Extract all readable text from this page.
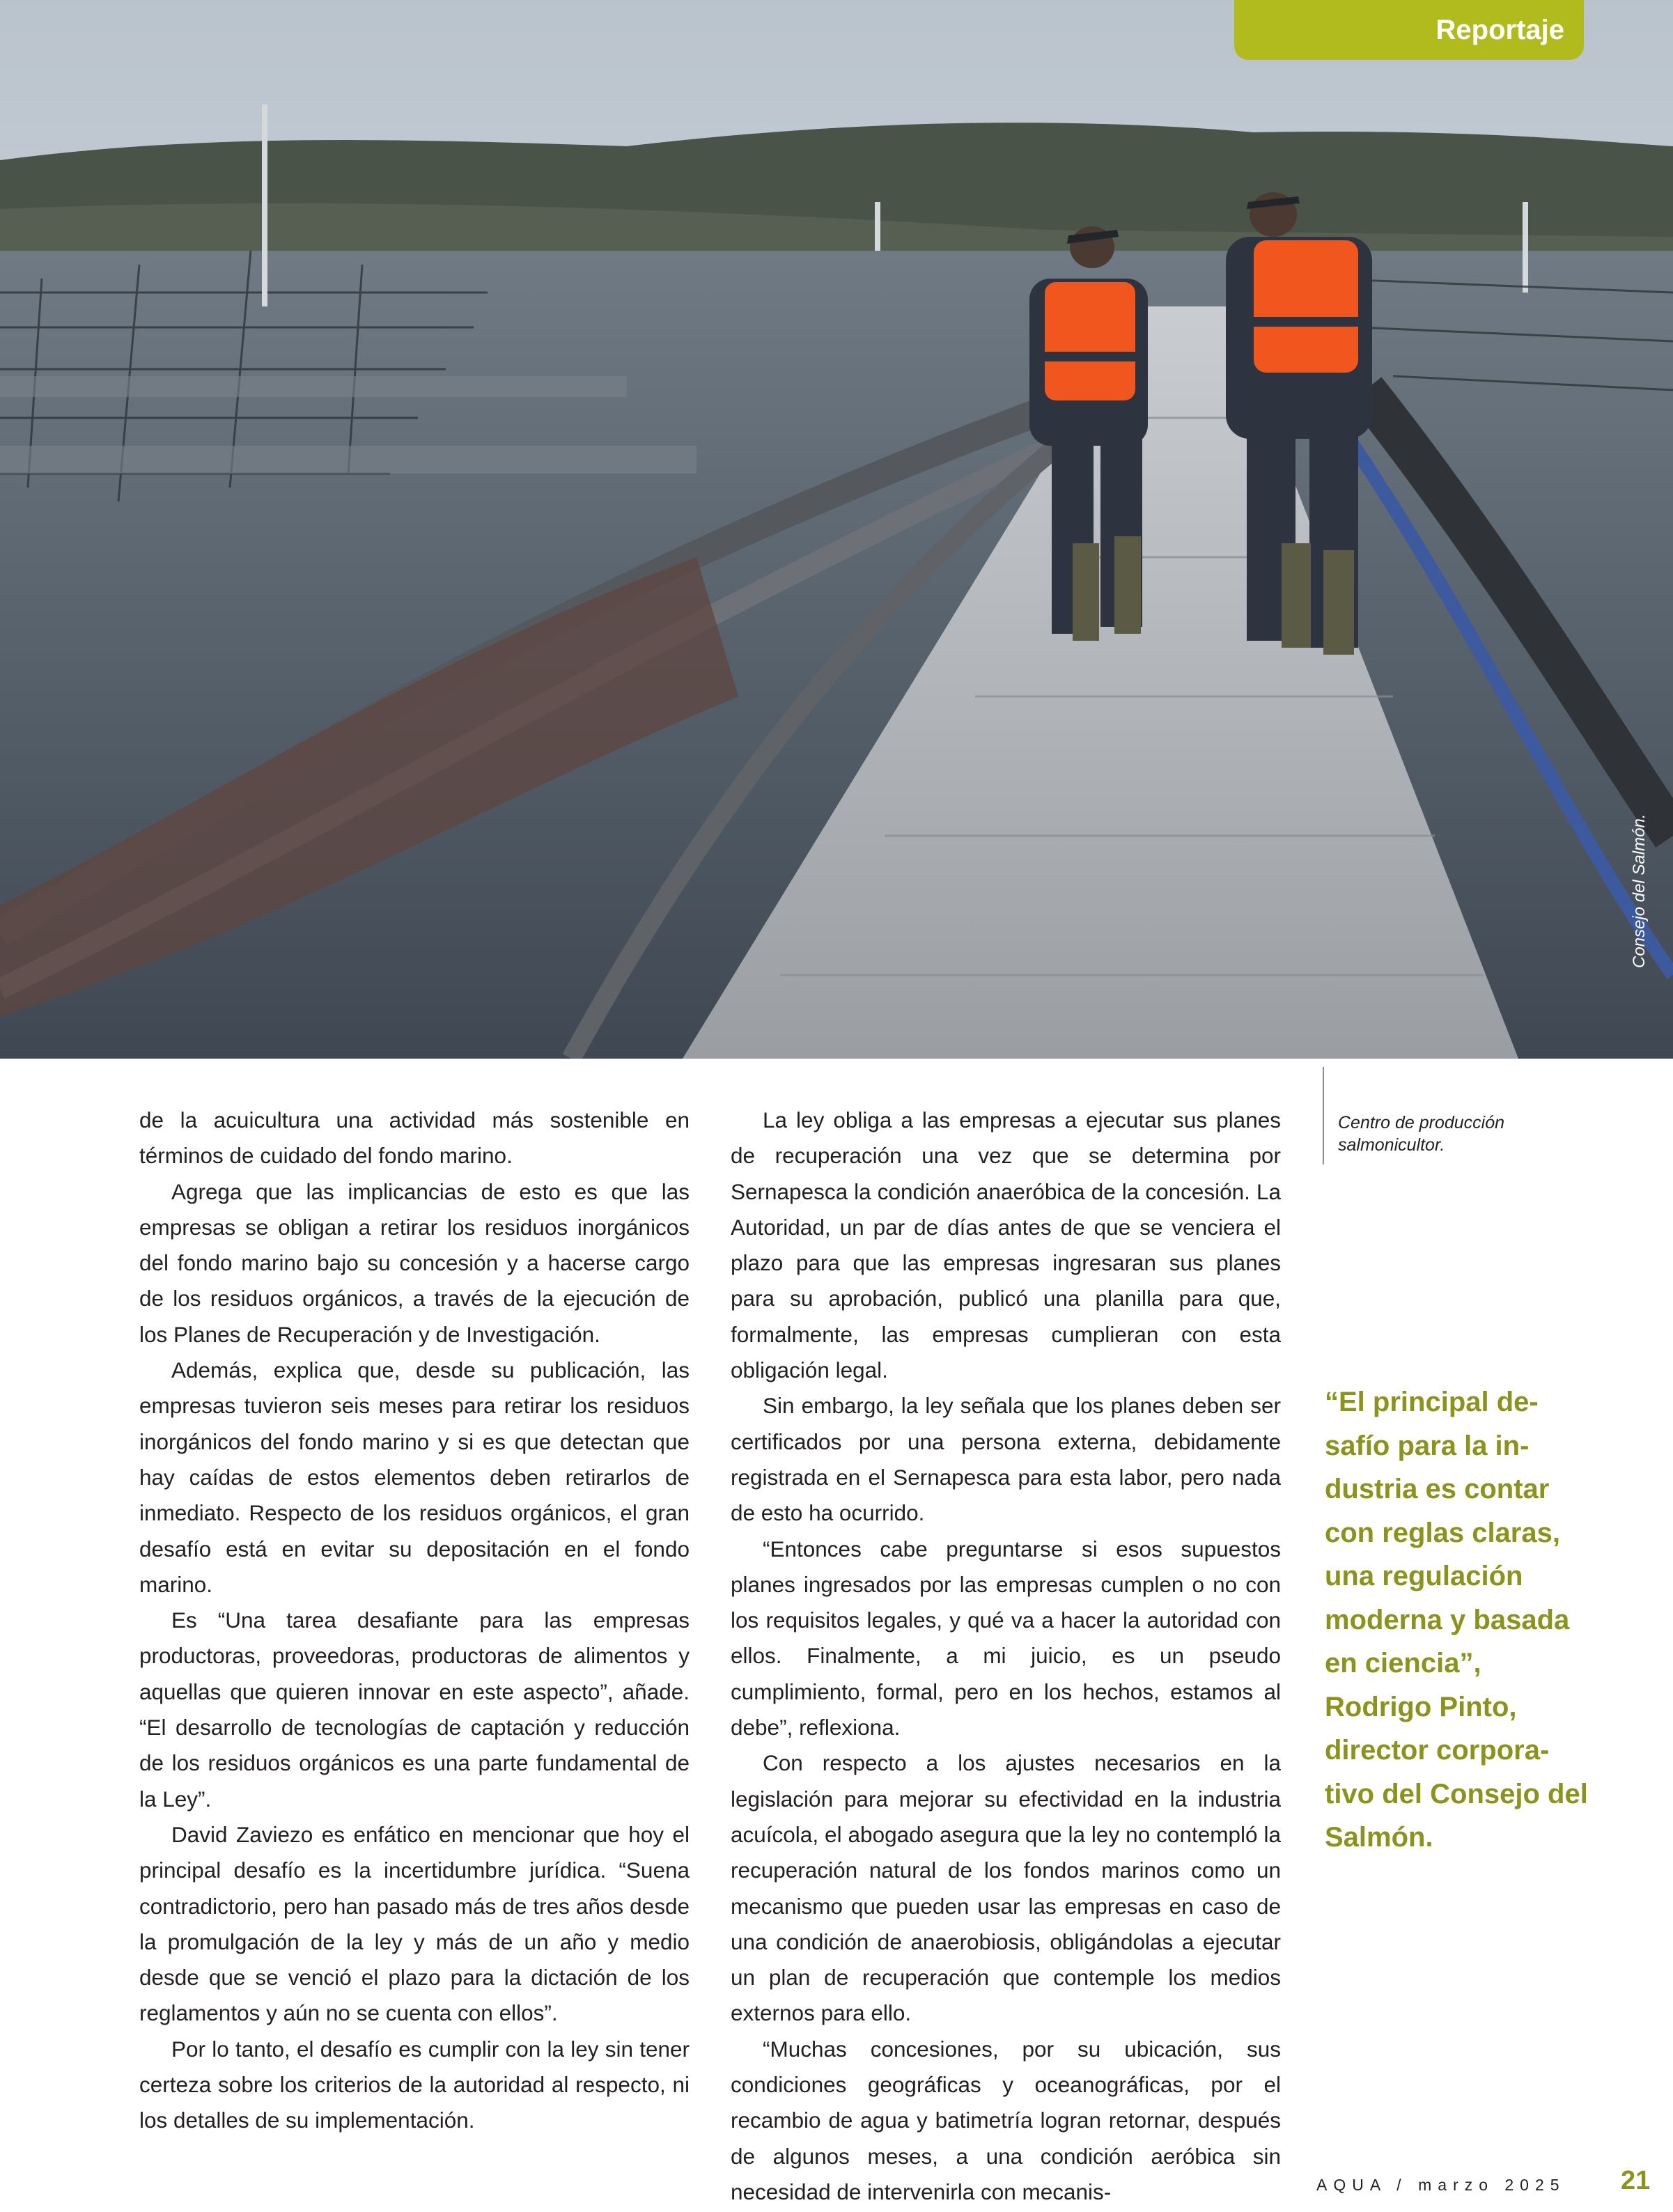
Reportaje
Consejo del Salmón.

de la acuicultura una actividad más sostenible en términos de cuidado del fondo marino.

Agrega que las implicancias de esto es que las empresas se obligan a retirar los residuos inorgánicos del fondo marino bajo su concesión y a hacerse cargo de los residuos orgánicos, a través de la ejecución de los Planes de Recuperación y de Investigación.

Además, explica que, desde su publicación, las empresas tuvieron seis meses para retirar los residuos inorgánicos del fondo marino y si es que detectan que hay caídas de estos elementos deben retirarlos de inmediato. Respecto de los residuos orgánicos, el gran desafío está en evitar su depositación en el fondo marino.

Es “Una tarea desafiante para las empresas productoras, proveedoras, productoras de alimentos y aquellas que quieren innovar en este aspecto”, añade. “El desarrollo de tecnologías de captación y reducción de los residuos orgánicos es una parte fundamental de la Ley”.

David Zaviezo es enfático en mencionar que hoy el principal desafío es la incertidumbre jurídica. “Suena contradictorio, pero han pasado más de tres años desde la promulgación de la ley y más de un año y medio desde que se venció el plazo para la dictación de los reglamentos y aún no se cuenta con ellos”.

Por lo tanto, el desafío es cumplir con la ley sin tener certeza sobre los criterios de la autoridad al respecto, ni los detalles de su implementación.

La ley obliga a las empresas a ejecutar sus planes de recuperación una vez que se determina por Sernapesca la condición anaeróbica de la concesión. La Autoridad, un par de días antes de que se venciera el plazo para que las empresas ingresaran sus planes para su aprobación, publicó una planilla para que, formalmente, las empresas cumplieran con esta obligación legal.

Sin embargo, la ley señala que los planes deben ser certificados por una persona externa, debidamente registrada en el Sernapesca para esta labor, pero nada de esto ha ocurrido.

“Entonces cabe preguntarse si esos supuestos planes ingresados por las empresas cumplen o no con los requisitos legales, y qué va a hacer la autoridad con ellos. Finalmente, a mi juicio, es un pseudo cumplimiento, formal, pero en los hechos, estamos al debe”, reflexiona.

Con respecto a los ajustes necesarios en la legislación para mejorar su efectividad en la industria acuícola, el abogado asegura que la ley no contempló la recuperación natural de los fondos marinos como un mecanismo que pueden usar las empresas en caso de una condición de anaerobiosis, obligándolas a ejecutar un plan de recuperación que contemple los medios externos para ello.

“Muchas concesiones, por su ubicación, sus condiciones geográficas y oceanográficas, por el recambio de agua y batimetría logran retornar, después de algunos meses, a una condición aeróbica sin necesidad de intervenirla con mecanis-

Centro de producción salmonicultor.
“El principal desafío para la industria es contar con reglas claras, una regulación moderna y basada en ciencia”, Rodrigo Pinto, director corporativo del Consejo del Salmón.
AQUA / marzo 2025 21
